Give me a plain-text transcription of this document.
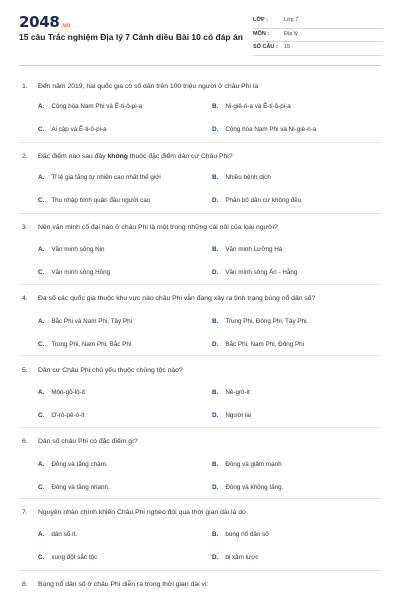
2048.vn
15 câu Trắc nghiệm Địa lý 7 Cánh diều Bài 10 có đáp án
LỚP :	Lớp 7
MÔN :	Địa lý
SỐ CÂU : 15
1. Đến năm 2019, hai quốc gia có số dân trên 100 triệu người ở châu Phi là
A. Cộng hòa Nam Phi và Ê-ti-ô-pi-a	B. Ni-giê-ri-a và Ê-ti-ô-pi-a
C. Ai cập và Ê-ti-ô-pi-a	D. Cộng hòa Nam Phi và Ni-giê-ri-a
2. Đặc điểm nào sau đây không thuộc đặc điểm dân cư Châu Phi?
A. Tỉ lệ gia tăng tự nhiên cao nhất thế giới	B. Nhiều bệnh dịch
C. Thu nhập bình quân đầu người cao	D. Phân bố dân cư không đều
3. Nền văn minh cổ đại nào ở châu Phi là một trong những cái nôi của loài người?
A. Văn minh sông Nin	B. Văn minh Lưỡng Hà
C. Văn minh sông Hồng	D. Văn minh sông Ấn - Hằng
4. Đa số các quốc gia thuộc khu vực nào châu Phi vẫn đang xảy ra tình trạng bùng nổ dân số?
A. Bắc Phi và Nam Phi, Tây Phi	B. Trung Phi, Đông Phi, Tây Phi.
C. Trung Phi, Nam Phi, Bắc Phi	D. Bắc Phi, Nam Phi, Đông Phi
5. Dân cư Châu Phi chủ yếu thuộc chủng tộc nào?
A. Môn-gô-lô-it	B. Nê-grô-it
C. Ơ-rô-pê-ô-it	D. Người lai
6. Dân số châu Phi có đặc điểm gì?
A. Đông và tăng chậm.	B. Đông và giảm mạnh
C. Đông và tăng nhanh.	D. Đông và không tăng.
7. Nguyên nhân chính khiến Châu Phi nghèo đói qua thời gian dài là do
A. dân số ít.	B. bùng nổ dân số
C. xung đột sắc tộc	D. bị xâm lược
8. Bùng nổ dân số ở châu Phi diễn ra trong thời gian dài vì:
